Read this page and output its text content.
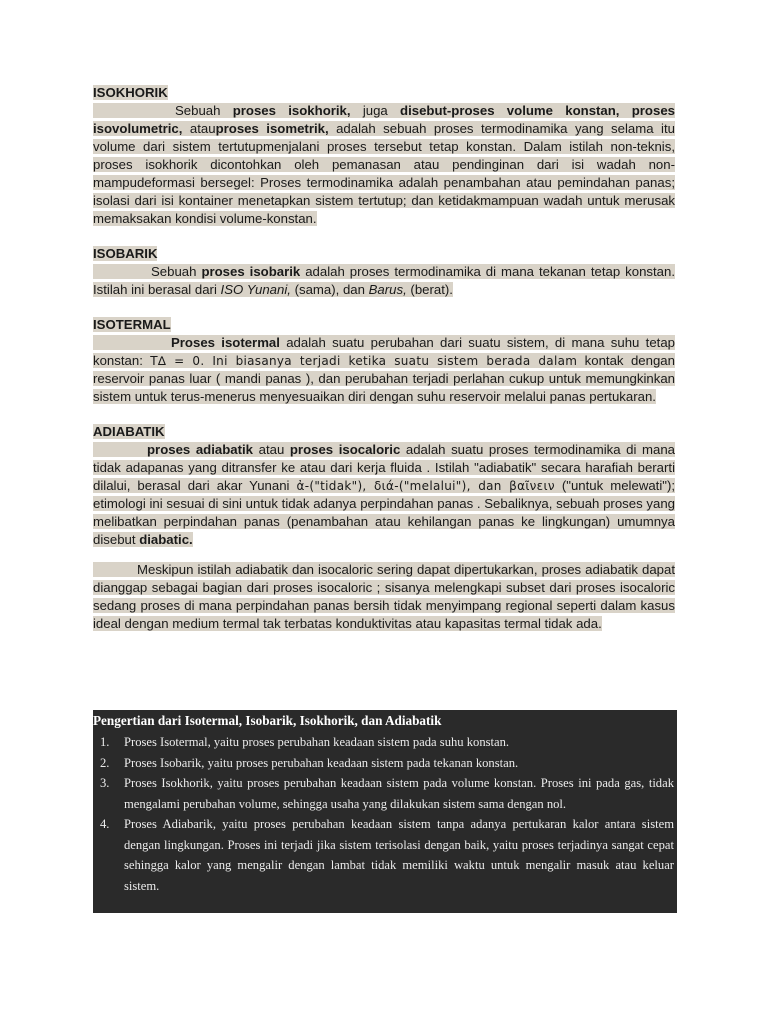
ISOKHORIK
Sebuah proses isokhorik, juga disebut-proses volume konstan, proses isovolumetric, atauproses isometrik, adalah sebuah proses termodinamika yang selama itu volume dari sistem tertutupmenjalani proses tersebut tetap konstan. Dalam istilah non-teknis, proses isokhorik dicontohkan oleh pemanasan atau pendinginan dari isi wadah non-mampudeformasi bersegel: Proses termodinamika adalah penambahan atau pemindahan panas; isolasi dari isi kontainer menetapkan sistem tertutup; dan ketidakmampuan wadah untuk merusak memaksakan kondisi volume-konstan.
ISOBARIK
Sebuah proses isobarik adalah proses termodinamika di mana tekanan tetap konstan. Istilah ini berasal dari ISO Yunani, (sama), dan Barus, (berat).
ISOTERMAL
Proses isotermal adalah suatu perubahan dari suatu sistem, di mana suhu tetap konstan: T∆ = 0. Ini biasanya terjadi ketika suatu sistem berada dalam kontak dengan reservoir panas luar ( mandi panas ), dan perubahan terjadi perlahan cukup untuk memungkinkan sistem untuk terus-menerus menyesuaikan diri dengan suhu reservoir melalui panas pertukaran.
ADIABATIK
proses adiabatik atau proses isocaloric adalah suatu proses termodinamika di mana tidak adapanas yang ditransfer ke atau dari kerja fluida . Istilah "adiabatik" secara harafiah berarti dilalui, berasal dari akar Yunani ἀ-("tidak"), διά-("melalui"), dan βαῖνειν ("untuk melewati"); etimologi ini sesuai di sini untuk tidak adanya perpindahan panas . Sebaliknya, sebuah proses yang melibatkan perpindahan panas (penambahan atau kehilangan panas ke lingkungan) umumnya disebut diabatic.
Meskipun istilah adiabatik dan isocaloric sering dapat dipertukarkan, proses adiabatik dapat dianggap sebagai bagian dari proses isocaloric ; sisanya melengkapi subset dari proses isocaloric sedang proses di mana perpindahan panas bersih tidak menyimpang regional seperti dalam kasus ideal dengan medium termal tak terbatas konduktivitas atau kapasitas termal tidak ada.
Pengertian dari Isotermal, Isobarik, Isokhorik, dan Adiabatik
1. Proses Isotermal, yaitu proses perubahan keadaan sistem pada suhu konstan.
2. Proses Isobarik, yaitu proses perubahan keadaan sistem pada tekanan konstan.
3. Proses Isokhorik, yaitu proses perubahan keadaan sistem pada volume konstan. Proses ini pada gas, tidak mengalami perubahan volume, sehingga usaha yang dilakukan sistem sama dengan nol.
4. Proses Adiabarik, yaitu proses perubahan keadaan sistem tanpa adanya pertukaran kalor antara sistem dengan lingkungan. Proses ini terjadi jika sistem terisolasi dengan baik, yaitu proses terjadinya sangat cepat sehingga kalor yang mengalir dengan lambat tidak memiliki waktu untuk mengalir masuk atau keluar sistem.
